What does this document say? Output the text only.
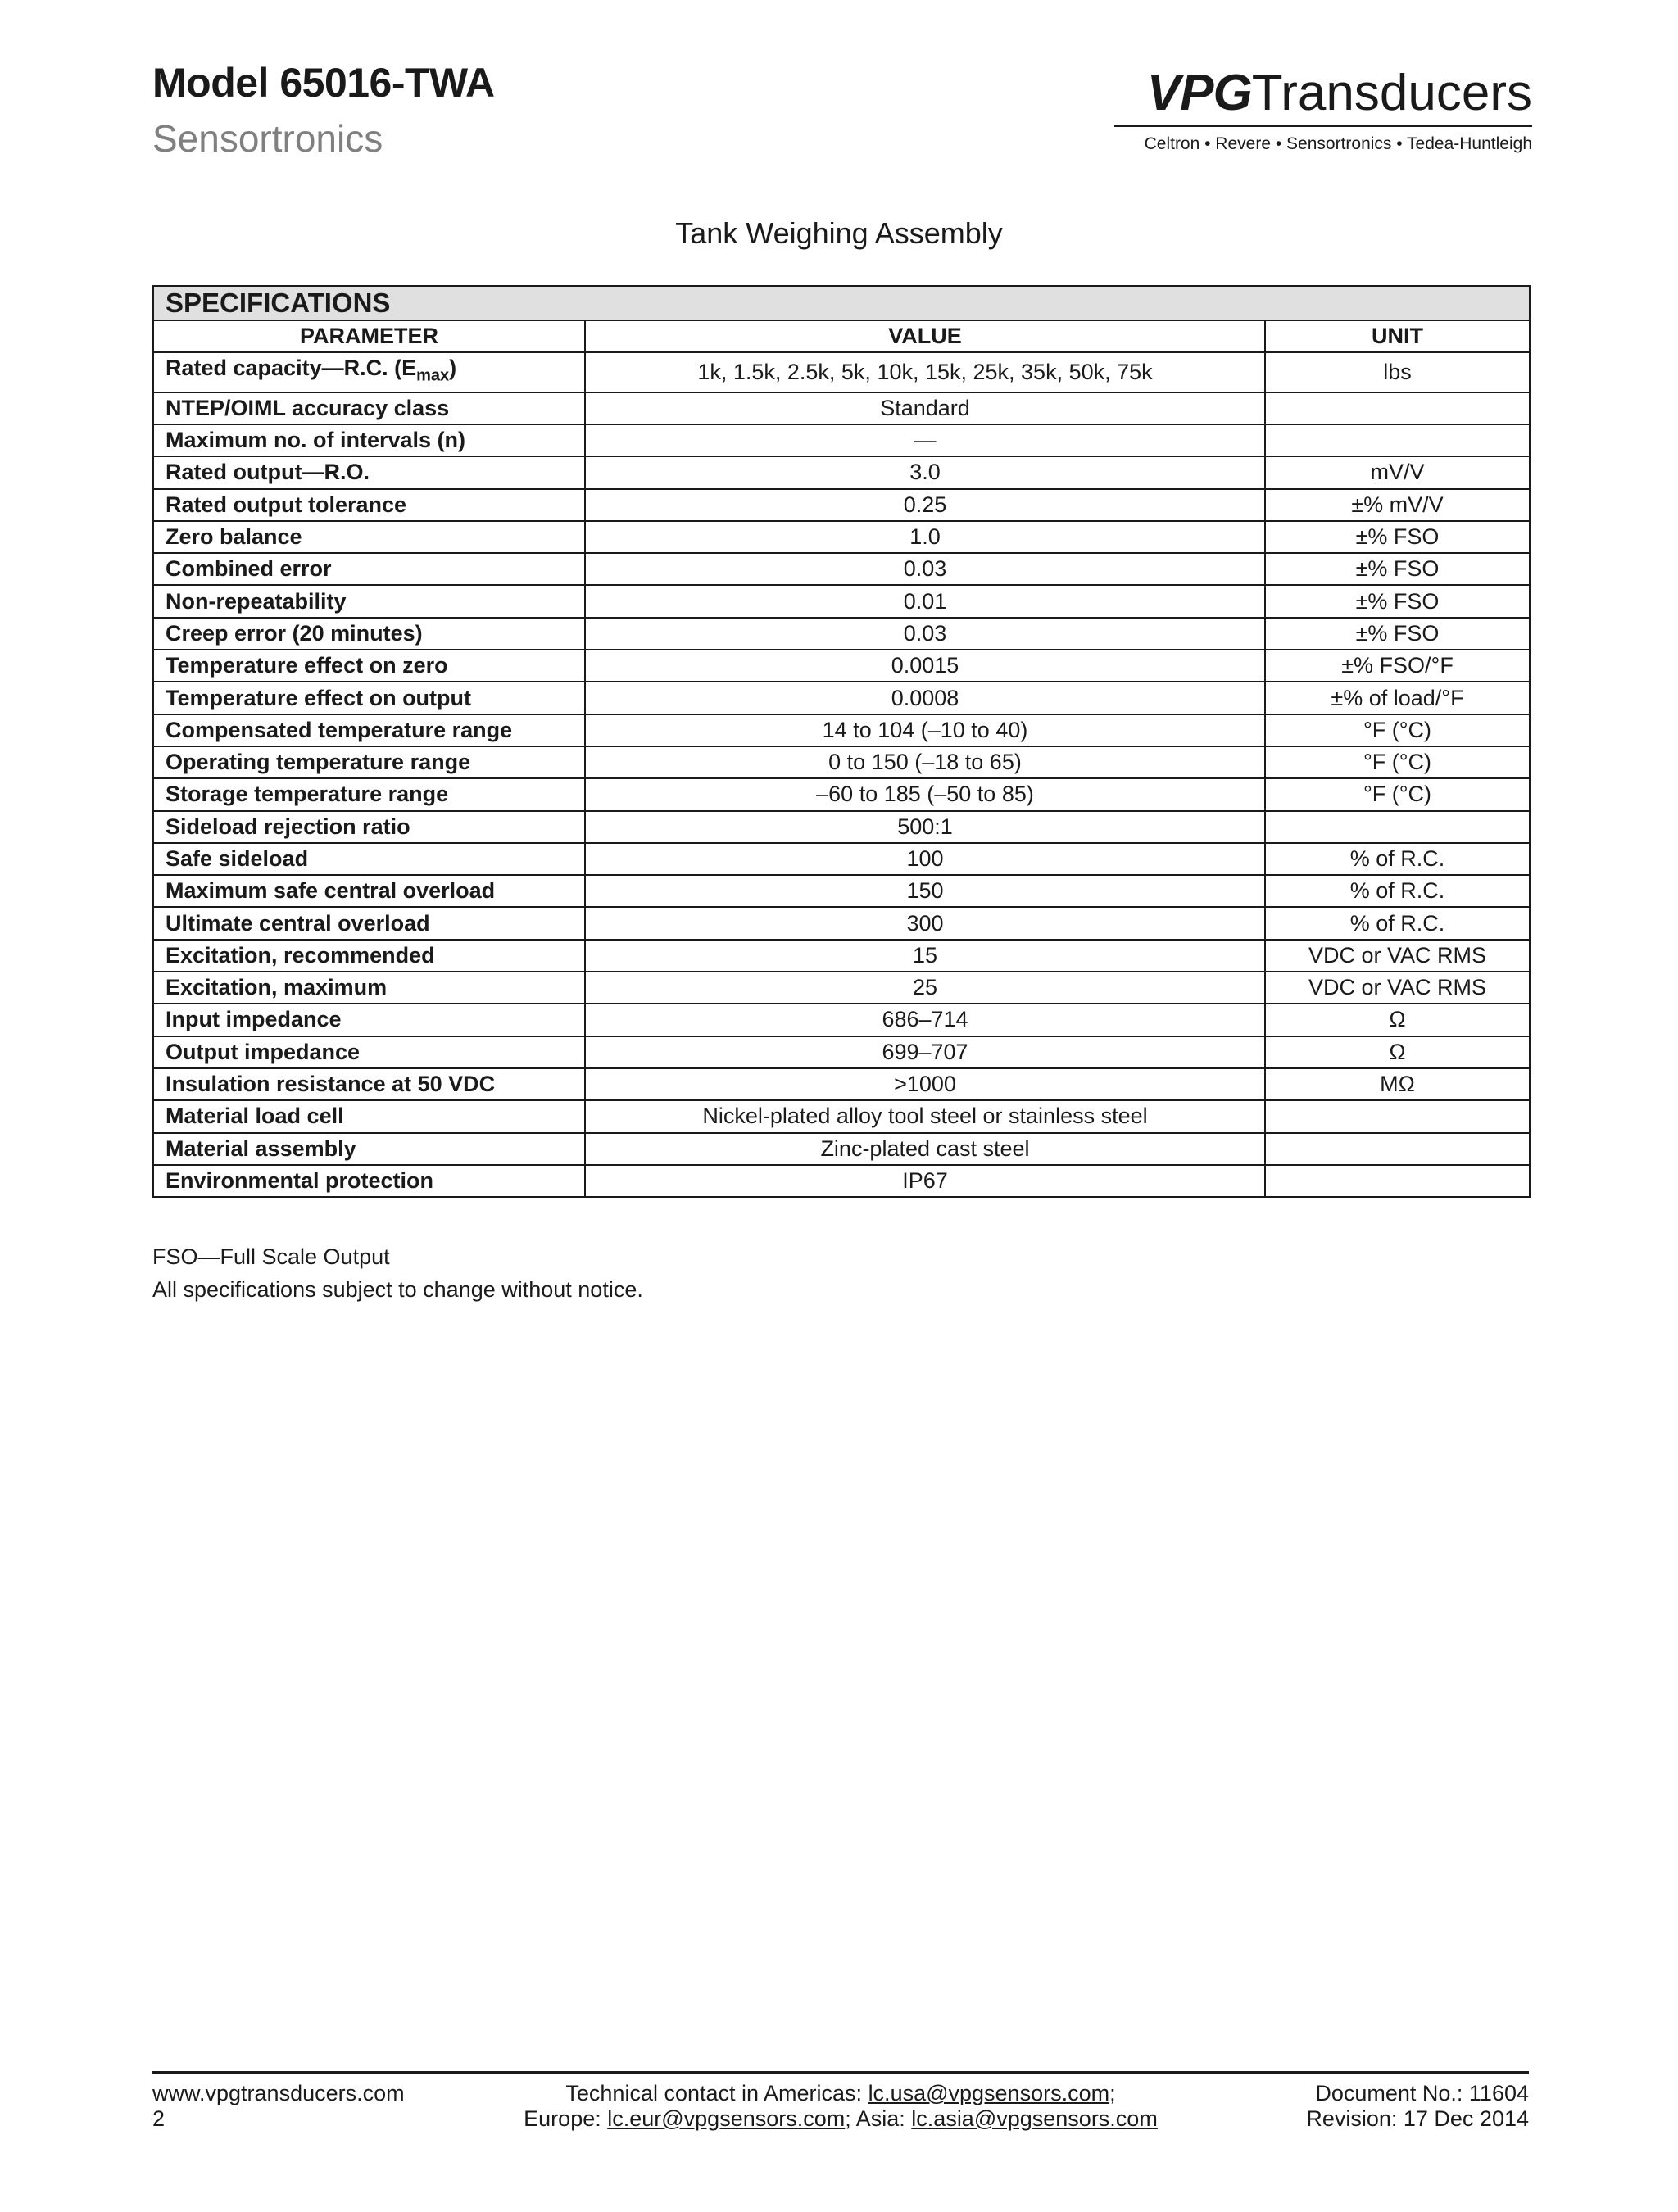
Model 65016-TWA
Sensortronics
VPGTransducers
Celtron • Revere • Sensortronics • Tedea-Huntleigh
Tank Weighing Assembly
SPECIFICATIONS		
PARAMETER	VALUE	UNIT
Rated capacity—R.C. $(E_{max})$	1k, 1.5k, 2.5k, 5k, 10k, 15k, 25k, 35k, 50k, 75k	lbs
NTEP/OIML accuracy class	Standard	
Maximum no. of intervals (n)	—	
Rated output—R.O.	3.0	mV/V
Rated output tolerance	0.25	±% mV/V
Zero balance	1.0	±% FSO
Combined error	0.03	±% FSO
Non-repeatability	0.01	±% FSO
Creep error (20 minutes)	0.03	±% FSO
Temperature effect on zero	0.0015	±% FSO/°F
Temperature effect on output	0.0008	±% of load/°F
Compensated temperature range	14 to 104 (–10 to 40)	°F (°C)
Operating temperature range	0 to 150 (–18 to 65)	°F (°C)
Storage temperature range	–60 to 185 (–50 to 85)	°F (°C)
Sideload rejection ratio	500:1	
Safe sideload	100	% of R.C.
Maximum safe central overload	150	% of R.C.
Ultimate central overload	300	% of R.C.
Excitation, recommended	15	VDC or VAC RMS
Excitation, maximum	25	VDC or VAC RMS
Input impedance	686–714	Ω
Output impedance	699–707	Ω
Insulation resistance at 50 VDC	>1000	MΩ
Material load cell	Nickel-plated alloy tool steel or stainless steel	
Material assembly	Zinc-plated cast steel	
Environmental protection	IP67	
FSO—Full Scale Output
All specifications subject to change without notice.
www.vpgtransducers.com
2
Technical contact in Americas: lc.usa@vpgsensors.com;
Europe: lc.eur@vpgsensors.com; Asia: lc.asia@vpgsensors.com
Document No.: 11604
Revision: 17 Dec 2014
